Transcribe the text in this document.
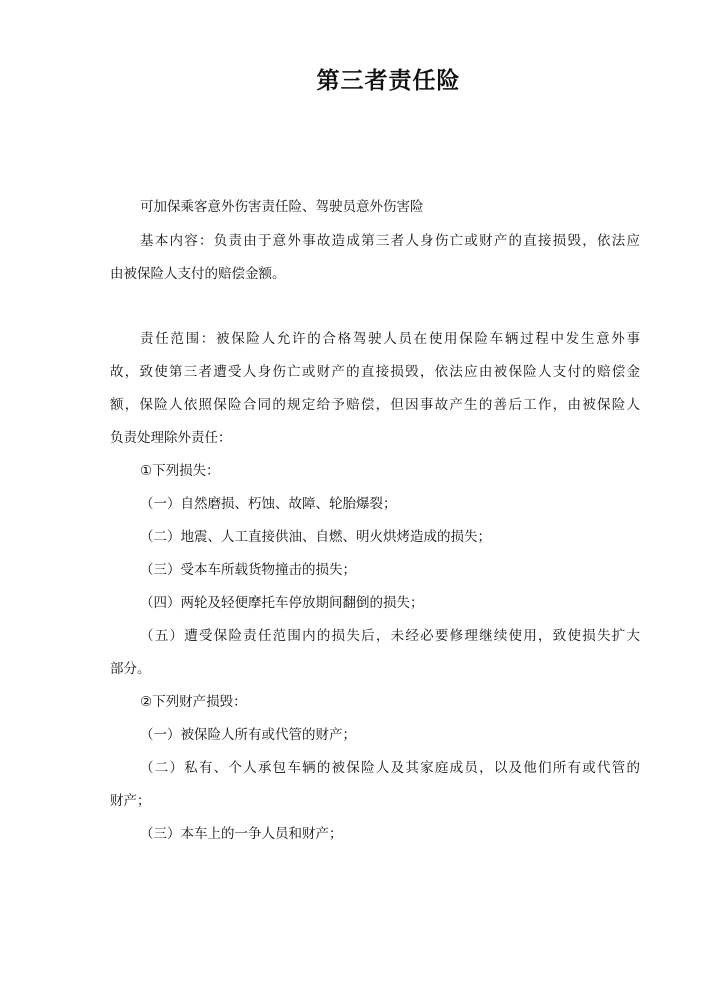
第三者责任险
可加保乘客意外伤害责任险、驾驶员意外伤害险
基本内容：负责由于意外事故造成第三者人身伤亡或财产的直接损毁，依法应
由被保险人支付的赔偿金额。
责任范围：被保险人允许的合格驾驶人员在使用保险车辆过程中发生意外事
故，致使第三者遭受人身伤亡或财产的直接损毁，依法应由被保险人支付的赔偿金
额，保险人依照保险合同的规定给予赔偿，但因事故产生的善后工作，由被保险人
负责处理除外责任：
①下列损失：
（一）自然磨损、朽蚀、故障、轮胎爆裂；
（二）地震、人工直接供油、自燃、明火烘烤造成的损失；
（三）受本车所载货物撞击的损失；
（四）两轮及轻便摩托车停放期间翻倒的损失；
（五）遭受保险责任范围内的损失后，未经必要修理继续使用，致使损失扩大
部分。
②下列财产损毁：
（一）被保险人所有或代管的财产；
（二）私有、个人承包车辆的被保险人及其家庭成员，以及他们所有或代管的
财产；
（三）本车上的一争人员和财产；
